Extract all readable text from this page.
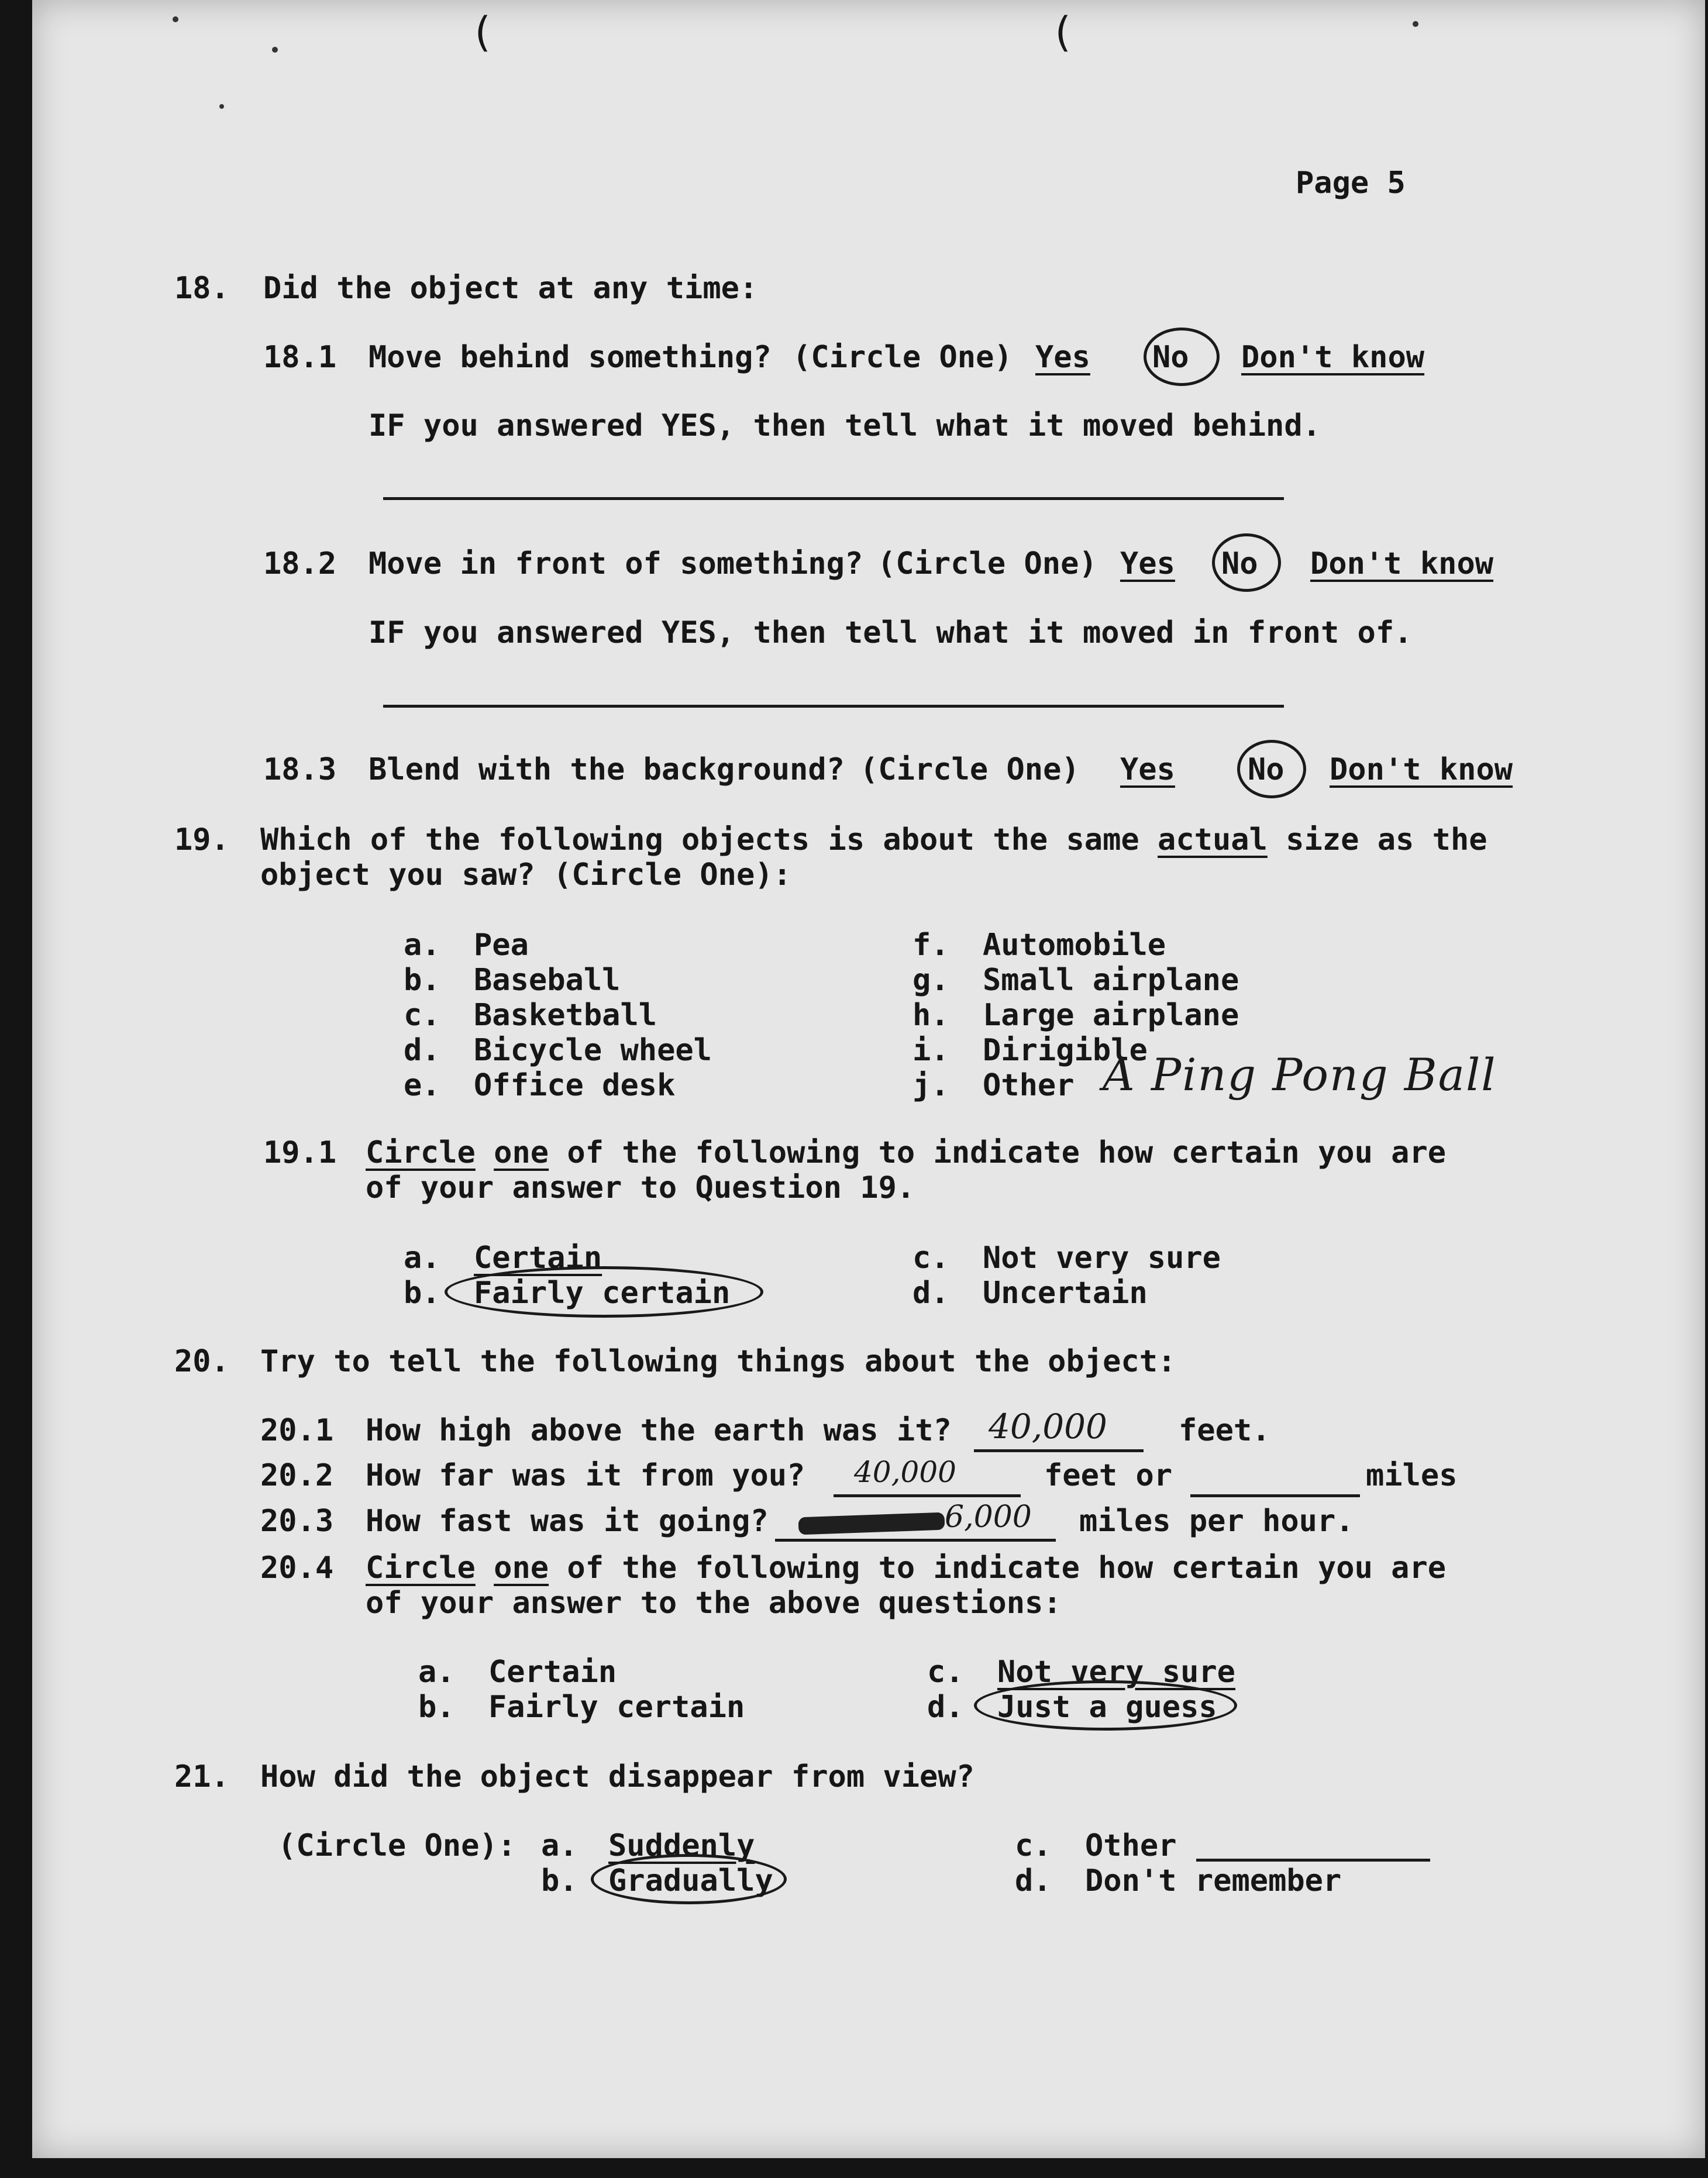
(	(
Page 5
18. Did the object at any time:
18.1 Move behind something? (Circle One) Yes No Don't know
IF you answered YES, then tell what it moved behind.
18.2 Move in front of something? (Circle One) Yes No Don't know
IF you answered YES, then tell what it moved in front of.
18.3 Blend with the background? (Circle One) Yes No Don't know
19. Which of the following objects is about the same actual size as the
object you saw? (Circle One):
a. Pea
b. Baseball
c. Basketball
d. Bicycle wheel
e. Office desk
f. Automobile
g. Small airplane
h. Large airplane
i. Dirigible
j. Other A Ping Pong Ball
19.1 Circle one of the following to indicate how certain you are
of your answer to Question 19.
a. Certain
b. Fairly certain
c. Not very sure
d. Uncertain
20. Try to tell the following things about the object:
20.1 How high above the earth was it? 40,000 feet.
20.2 How far was it from you? 40,000	feet or	miles
20.3 How fast was it going?	6,000 miles per hour.
20.4 Circle one of the following to indicate how certain you are
of your answer to the above questions:
a. Certain
b. Fairly certain
c. Not very sure
d. Just a guess
21. How did the object disappear from view?
(Circle One): a. Suddenly
b. Gradually
c. Other
d. Don't remember
